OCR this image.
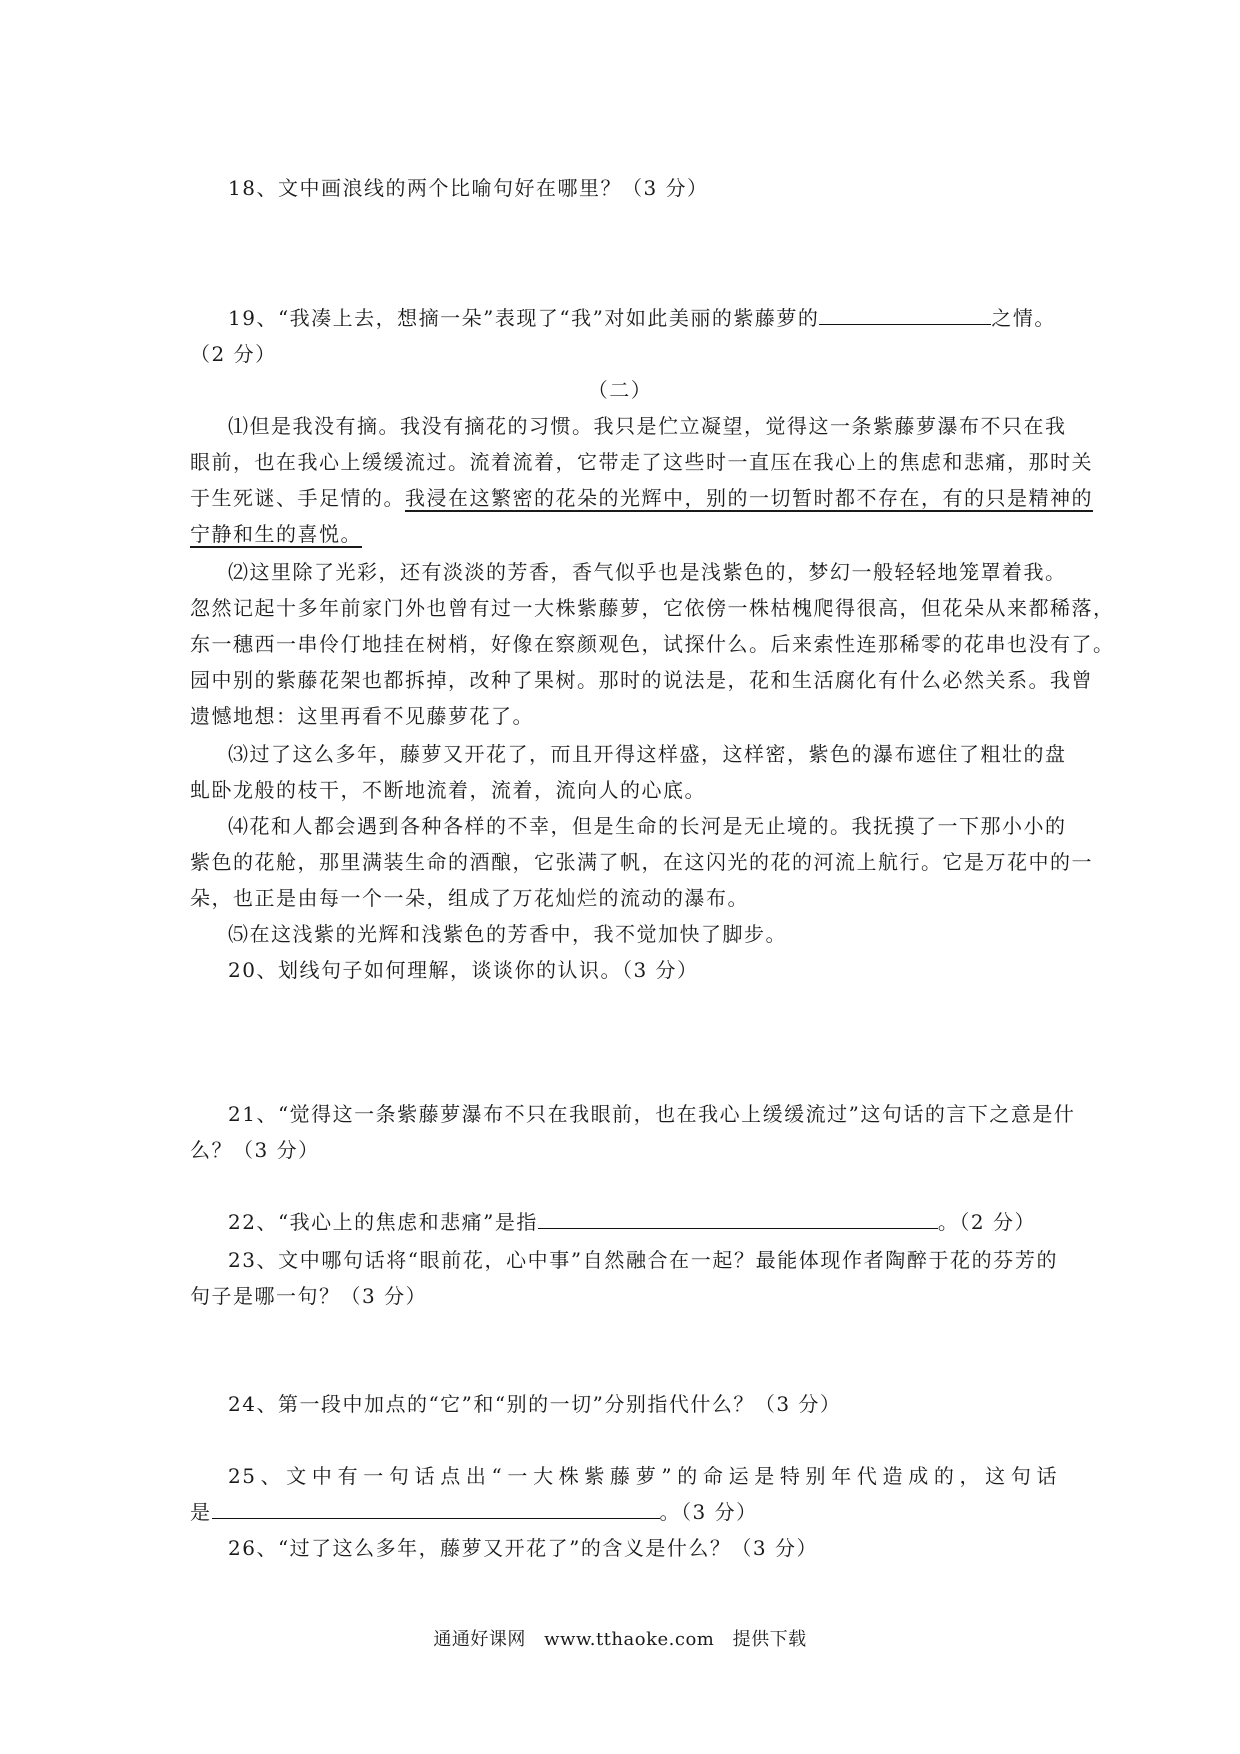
18、文中画浪线的两个比喻句好在哪里？（3 分）
19、“我凑上去，想摘一朵”表现了“我”对如此美丽的紫藤萝的	之情。
（2 分）
（二）
⑴但是我没有摘。我没有摘花的习惯。我只是伫立凝望，觉得这一条紫藤萝瀑布不只在我
眼前，也在我心上缓缓流过。流着流着，它带走了这些时一直压在我心上的焦虑和悲痛，那时关
于生死谜、手足情的。我浸在这繁密的花朵的光辉中，别的一切暂时都不存在，有的只是精神的
宁静和生的喜悦。
⑵这里除了光彩，还有淡淡的芳香，香气似乎也是浅紫色的，梦幻一般轻轻地笼罩着我。
忽然记起十多年前家门外也曾有过一大株紫藤萝，它依傍一株枯槐爬得很高，但花朵从来都稀落，
东一穗西一串伶仃地挂在树梢，好像在察颜观色，试探什么。后来索性连那稀零的花串也没有了。
园中别的紫藤花架也都拆掉，改种了果树。那时的说法是，花和生活腐化有什么必然关系。我曾
遗憾地想：这里再看不见藤萝花了。
⑶过了这么多年，藤萝又开花了，而且开得这样盛，这样密，紫色的瀑布遮住了粗壮的盘
虬卧龙般的枝干，不断地流着，流着，流向人的心底。
⑷花和人都会遇到各种各样的不幸，但是生命的长河是无止境的。我抚摸了一下那小小的
紫色的花舱，那里满装生命的酒酿，它张满了帆，在这闪光的花的河流上航行。它是万花中的一
朵，也正是由每一个一朵，组成了万花灿烂的流动的瀑布。
⑸在这浅紫的光辉和浅紫色的芳香中，我不觉加快了脚步。
20、划线句子如何理解，谈谈你的认识。（3 分）
21、“觉得这一条紫藤萝瀑布不只在我眼前，也在我心上缓缓流过”这句话的言下之意是什
么？（3 分）
22、“我心上的焦虑和悲痛”是指	。（2 分）
23、文中哪句话将“眼前花，心中事”自然融合在一起？最能体现作者陶醉于花的芬芳的
句子是哪一句？（3 分）
24、第一段中加点的“它”和“别的一切”分别指代什么？（3 分）
25、文中有一句话点出“一大株紫藤萝”的命运是特别年代造成的，这句话
是	。（3 分）
26、“过了这么多年，藤萝又开花了”的含义是什么？（3 分）
通通好课网 www.tthaoke.com 提供下载
